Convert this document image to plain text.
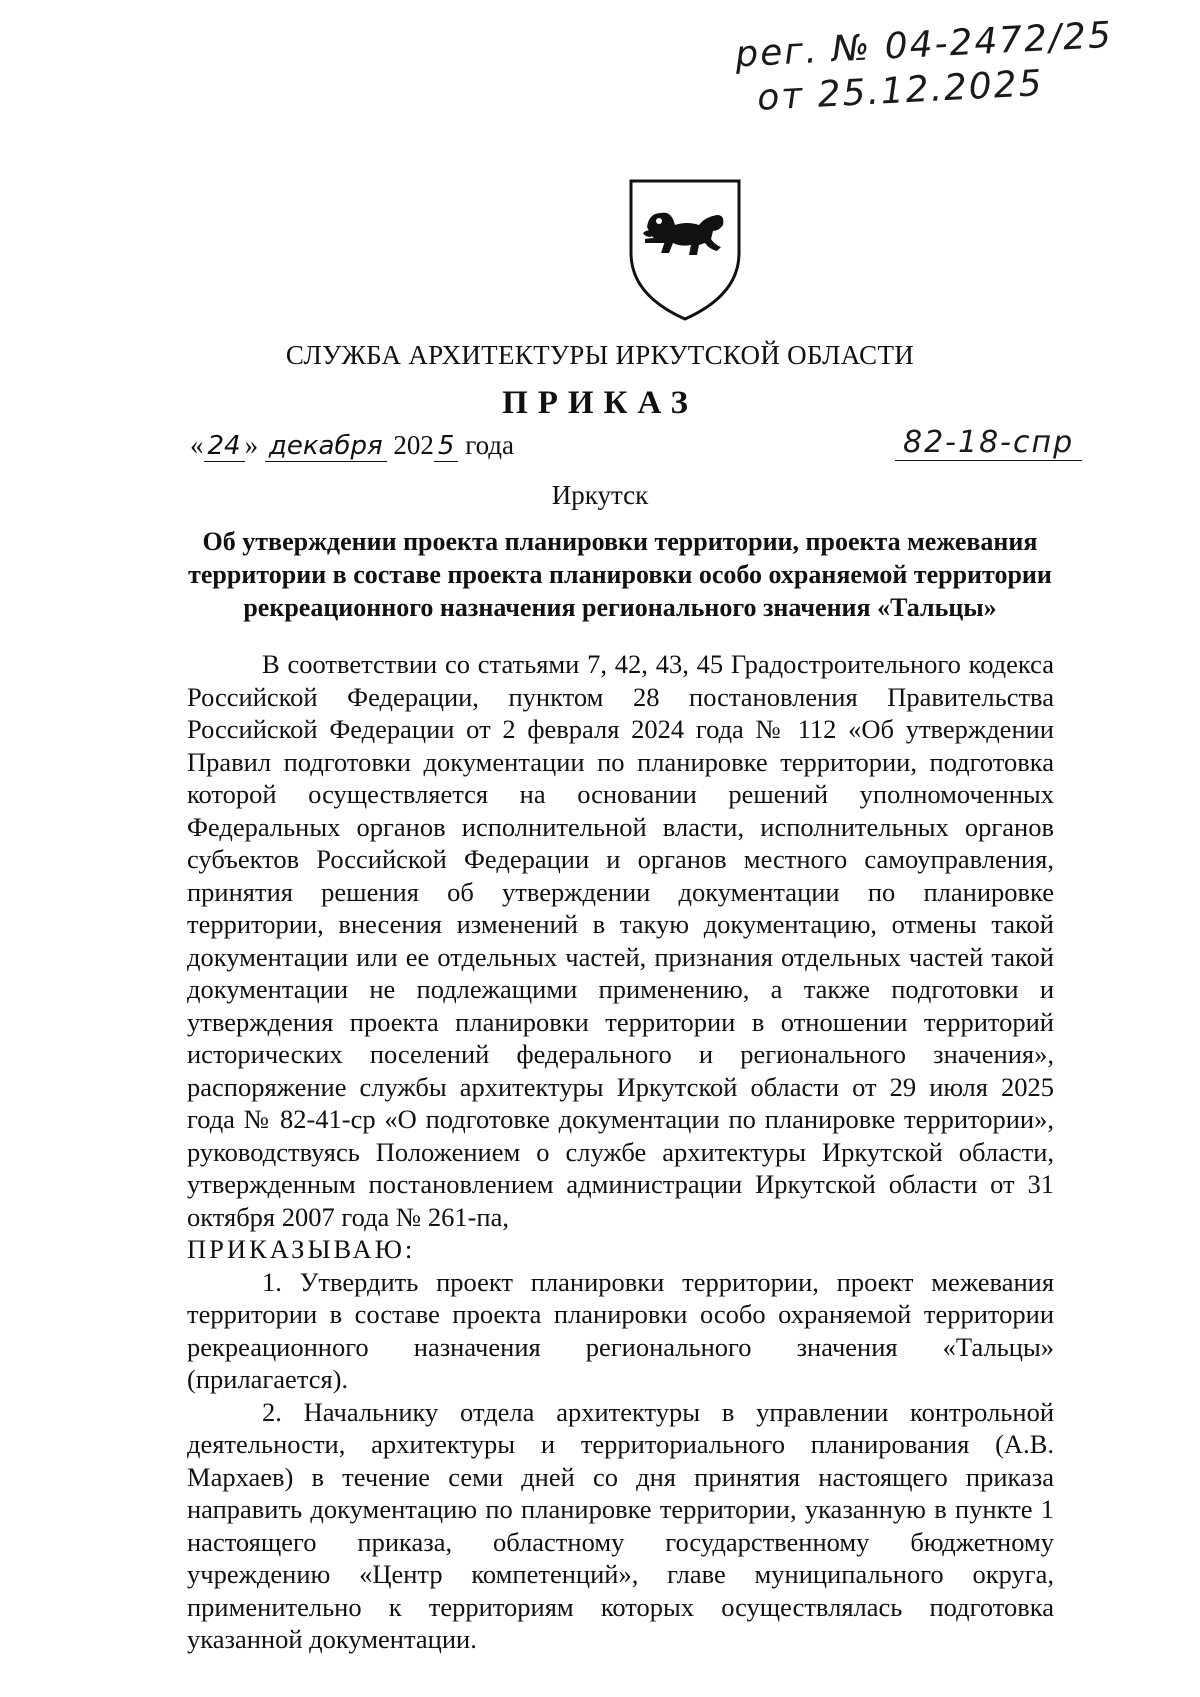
рег. № 04-2472/25
от 25.12.2025
СЛУЖБА АРХИТЕКТУРЫ ИРКУТСКОЙ ОБЛАСТИ
ПРИКАЗ
« 24 » декабря 202 5 года	82-18-спр
Иркутск
Об утверждении проекта планировки территории, проекта межевания территории в составе проекта планировки особо охраняемой территории рекреационного назначения регионального значения «Тальцы»

В соответствии со статьями 7, 42, 43, 45 Градостроительного кодекса Российской Федерации, пунктом 28 постановления Правительства Российской Федерации от 2 февраля 2024 года № 112 «Об утверждении Правил подготовки документации по планировке территории, подготовка которой осуществляется на основании решений уполномоченных Федеральных органов исполнительной власти, исполнительных органов субъектов Российской Федерации и органов местного самоуправления, принятия решения об утверждении документации по планировке территории, внесения изменений в такую документацию, отмены такой документации или ее отдельных частей, признания отдельных частей такой документации не подлежащими применению, а также подготовки и утверждения проекта планировки территории в отношении территорий исторических поселений федерального и регионального значения», распоряжение службы архитектуры Иркутской области от 29 июля 2025 года № 82-41-ср «О подготовке документации по планировке территории», руководствуясь Положением о службе архитектуры Иркутской области, утвержденным постановлением администрации Иркутской области от 31 октября 2007 года № 261-па,

ПРИКАЗЫВАЮ:

1. Утвердить проект планировки территории, проект межевания территории в составе проекта планировки особо охраняемой территории рекреационного назначения регионального значения «Тальцы» (прилагается).

2. Начальнику отдела архитектуры в управлении контрольной деятельности, архитектуры и территориального планирования (А.В. Мархаев) в течение семи дней со дня принятия настоящего приказа направить документацию по планировке территории, указанную в пункте 1 настоящего приказа, областному государственному бюджетному учреждению «Центр компетенций», главе муниципального округа, применительно к территориям которых осуществлялась подготовка указанной документации.
